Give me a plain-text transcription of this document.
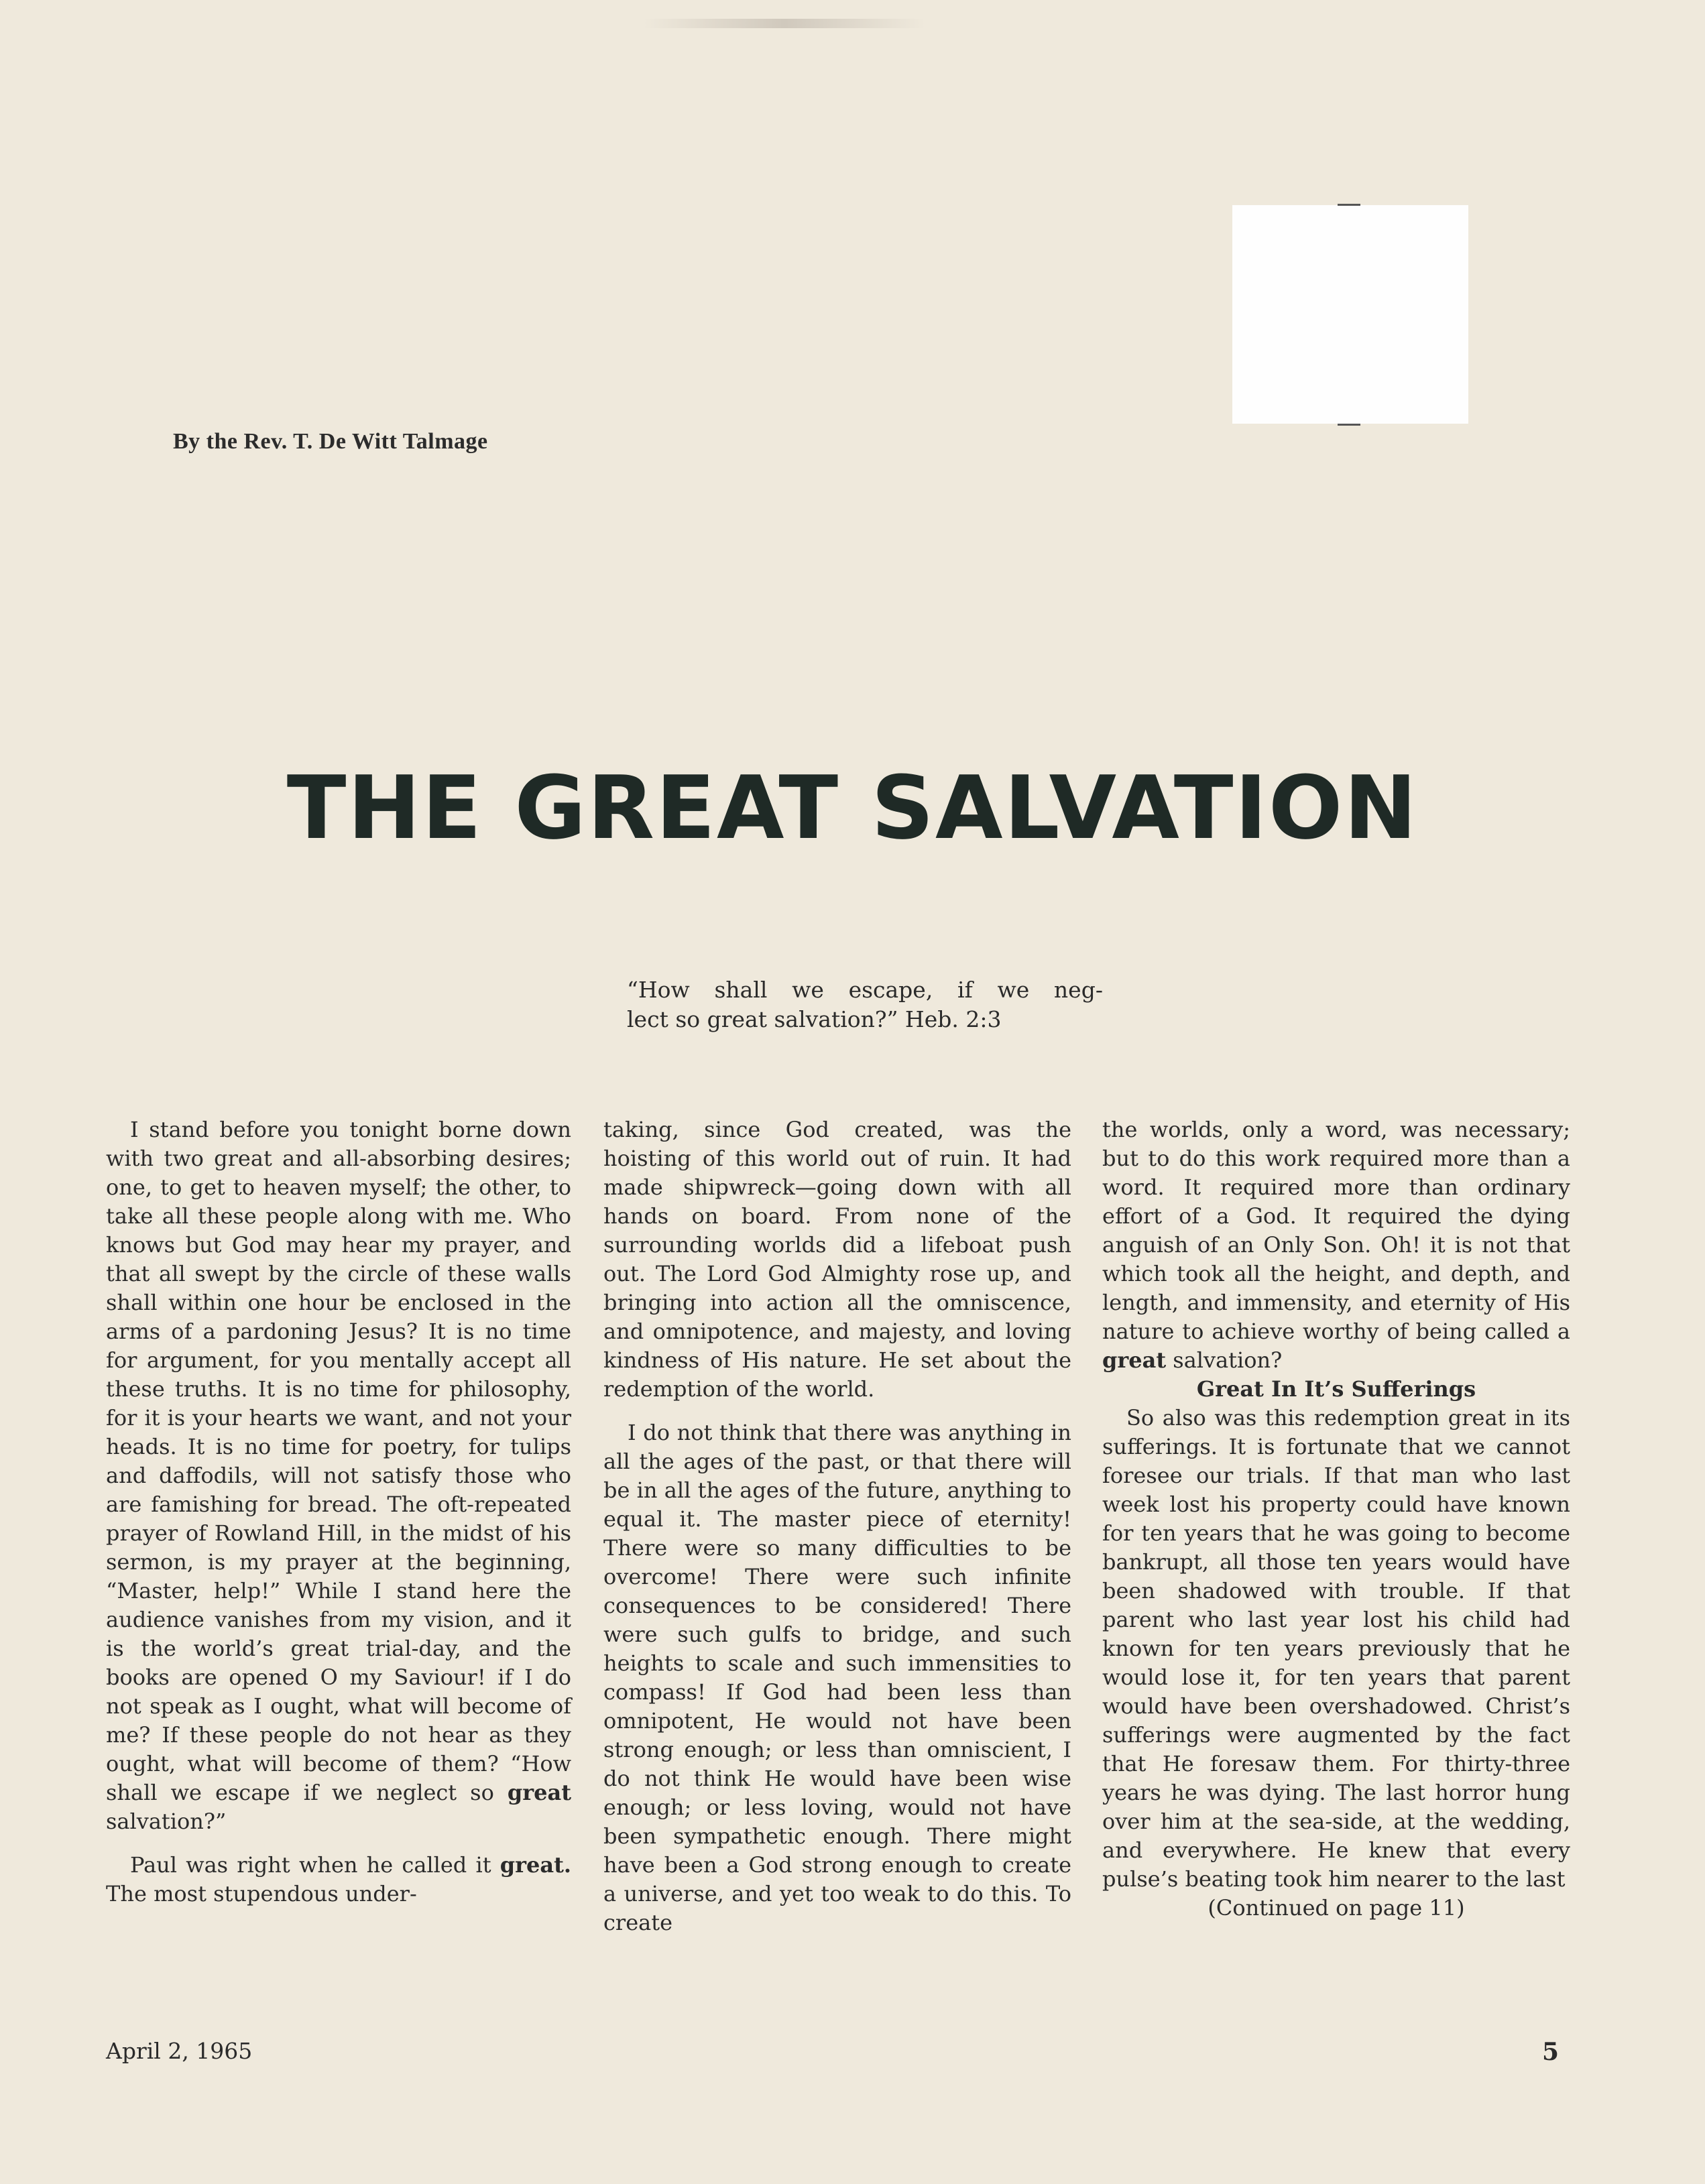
By the Rev. T. De Witt Talmage
THE GREAT SALVATION

“How shall we escape, if we neg-

lect so great salvation?” Heb. 2:3

I stand before you tonight borne down with two great and all-absorbing desires; one, to get to heaven myself; the other, to take all these people along with me. Who knows but God may hear my prayer, and that all swept by the circle of these walls shall within one hour be enclosed in the arms of a pardoning Jesus? It is no time for argument, for you mentally accept all these truths. It is no time for philosophy, for it is your hearts we want, and not your heads. It is no time for poetry, for tulips and daffodils, will not satisfy those who are famishing for bread. The oft-repeated prayer of Rowland Hill, in the midst of his sermon, is my prayer at the beginning, “Master, help!” While I stand here the audience vanishes from my vision, and it is the world’s great trial-day, and the books are opened O my Saviour! if I do not speak as I ought, what will become of me? If these people do not hear as they ought, what will become of them? “How shall we escape if we neglect so great salvation?”

Paul was right when he called it great. The most stupendous under-

taking, since God created, was the hoisting of this world out of ruin. It had made shipwreck—going down with all hands on board. From none of the surrounding worlds did a lifeboat push out. The Lord God Almighty rose up, and bringing into action all the omniscence, and omnipotence, and majesty, and loving kindness of His nature. He set about the redemption of the world.

I do not think that there was anything in all the ages of the past, or that there will be in all the ages of the future, anything to equal it. The master piece of eternity! There were so many difficulties to be overcome! There were such infinite consequences to be considered! There were such gulfs to bridge, and such heights to scale and such immensities to compass! If God had been less than omnipotent, He would not have been strong enough; or less than omniscient, I do not think He would have been wise enough; or less loving, would not have been sympathetic enough. There might have been a God strong enough to create a universe, and yet too weak to do this. To create

the worlds, only a word, was necessary; but to do this work required more than a word. It required more than ordinary effort of a God. It required the dying anguish of an Only Son. Oh! it is not that which took all the height, and depth, and length, and immensity, and eternity of His nature to achieve worthy of being called a great salvation?

Great In It’s Sufferings

So also was this redemption great in its sufferings. It is fortunate that we cannot foresee our trials. If that man who last week lost his property could have known for ten years that he was going to become bankrupt, all those ten years would have been shadowed with trouble. If that parent who last year lost his child had known for ten years previously that he would lose it, for ten years that parent would have been overshadowed. Christ’s sufferings were augmented by the fact that He foresaw them. For thirty-three years he was dying. The last horror hung over him at the sea-side, at the wedding, and everywhere. He knew that every pulse’s beating took him nearer to the last

(Continued on page 11)

April 2, 1965	5
